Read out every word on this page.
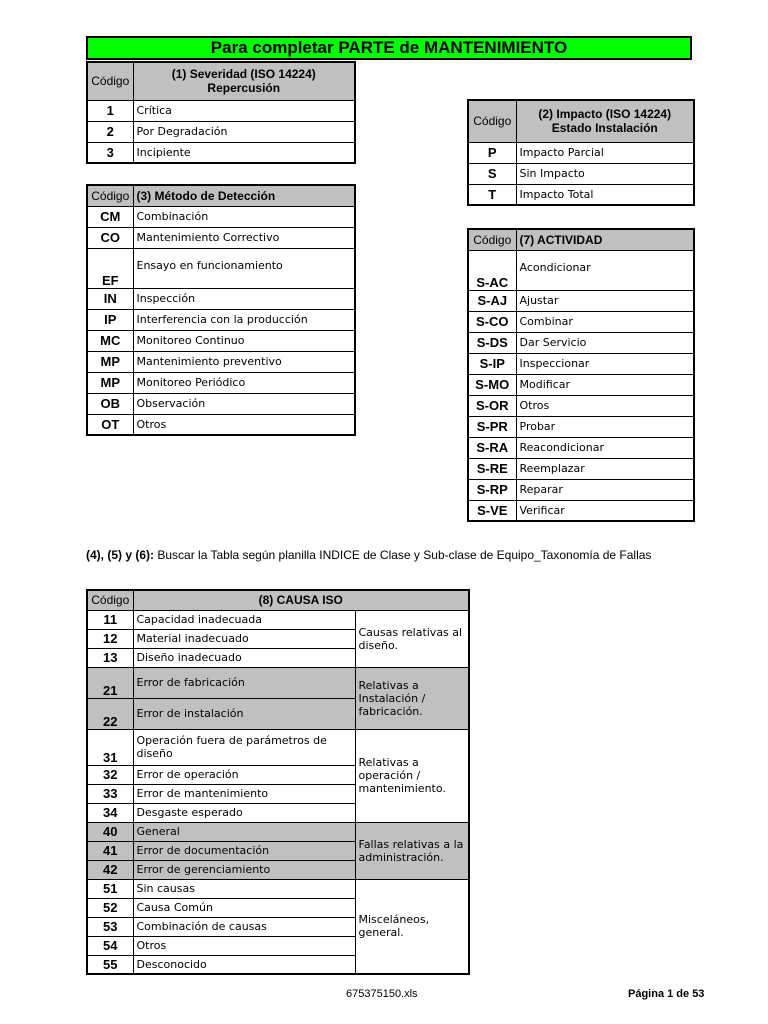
Para completar PARTE de MANTENIMIENTO
Código	(1) Severidad (ISO 14224)
Repercusión

1	Crítica
2	Por Degradación
3	Incipiente
Código	(2) Impacto (ISO 14224)
Estado Instalación

P	Impacto Parcial
S	Sin Impacto
T	Impacto Total
Código	(3) Método de Detección
CM	Combinación
CO	Mantenimiento Correctivo
EF	Ensayo en funcionamiento
IN	Inspección
IP	Interferencia con la producción
MC	Monitoreo Continuo
MP	Mantenimiento preventivo
MP	Monitoreo Periódico
OB	Observación
OT	Otros
Código	(7) ACTIVIDAD
S-AC	Acondicionar
S-AJ	Ajustar
S-CO	Combinar
S-DS	Dar Servicio
S-IP	Inspeccionar
S-MO	Modificar
S-OR	Otros
S-PR	Probar
S-RA	Reacondicionar
S-RE	Reemplazar
S-RP	Reparar
S-VE	Verificar
(4), (5) y (6): Buscar la Tabla según planilla INDICE de Clase y Sub-clase de Equipo_Taxonomía de Fallas
Código	(8) CAUSA ISO	
11	Capacidad inadecuada	Causas relativas al diseño.
12	Material inadecuado	
13	Diseño inadecuado	
21	Error de fabricación	Relativas a Instalación / fabricación.
22	Error de instalación	
31	Operación fuera de parámetros de diseño	Relativas a operación / mantenimiento.
32	Error de operación	
33	Error de mantenimiento	
34	Desgaste esperado	
40	General	Fallas relativas a la administración.
41	Error de documentación	
42	Error de gerenciamiento	
51	Sin causas	Misceláneos, general.
52	Causa Común	
53	Combinación de causas	
54	Otros	
55	Desconocido	
675375150.xls	Página 1 de 53
